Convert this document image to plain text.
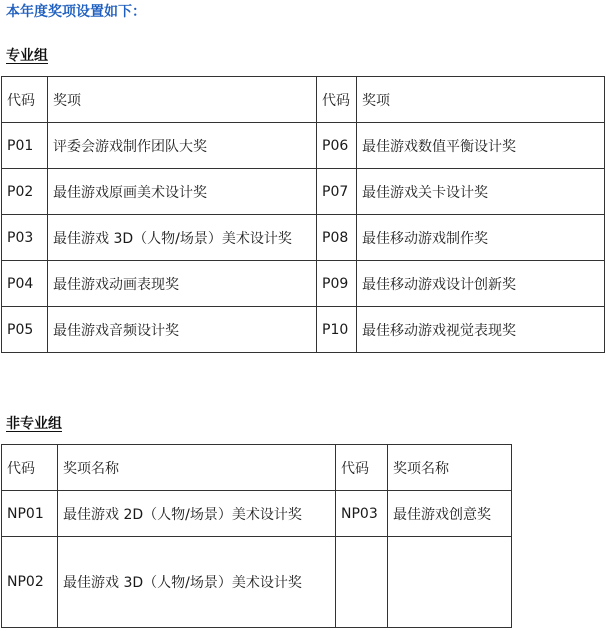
本年度奖项设置如下：
专业组
代码	奖项	代码	奖项
P01	评委会游戏制作团队大奖	P06	最佳游戏数值平衡设计奖
P02	最佳游戏原画美术设计奖	P07	最佳游戏关卡设计奖
P03	最佳游戏 3D（人物/场景）美术设计奖	P08	最佳移动游戏制作奖
P04	最佳游戏动画表现奖	P09	最佳移动游戏设计创新奖
P05	最佳游戏音频设计奖	P10	最佳移动游戏视觉表现奖
非专业组
代码	奖项名称	代码	奖项名称
NP01	最佳游戏 2D（人物/场景）美术设计奖	NP03	最佳游戏创意奖
NP02	最佳游戏 3D（人物/场景）美术设计奖		
